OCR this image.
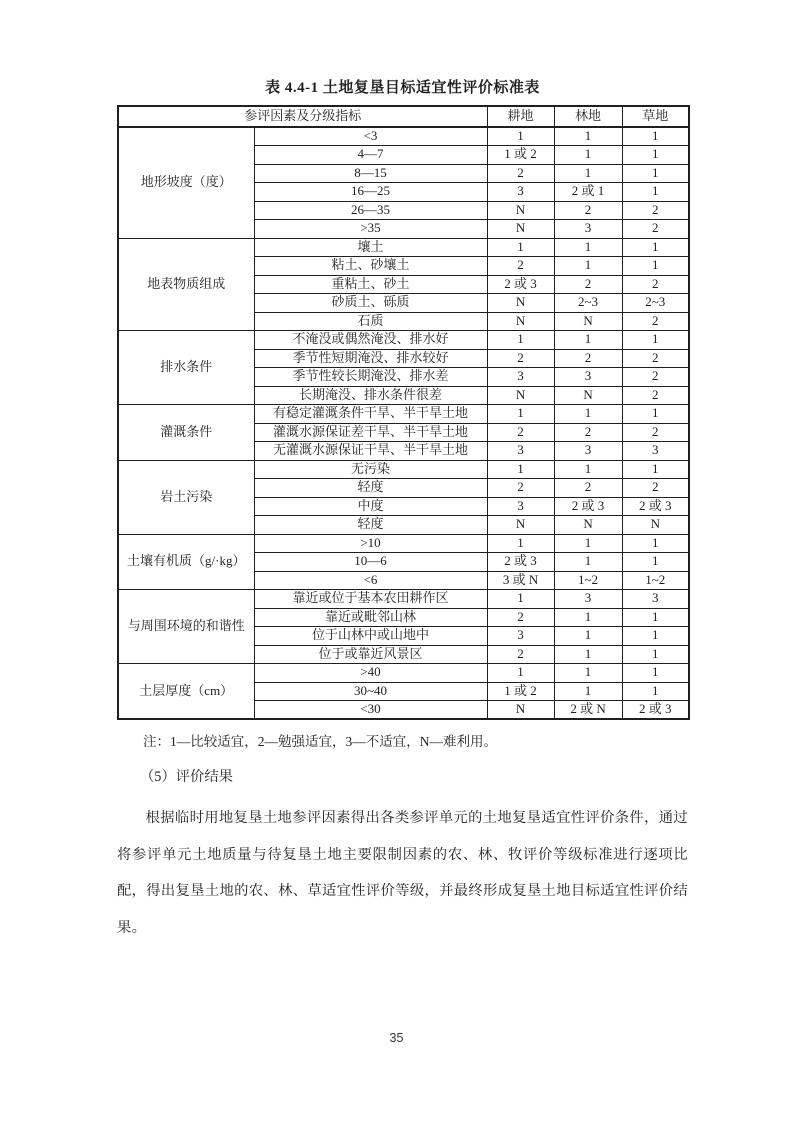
表 4.4-1 土地复垦目标适宜性评价标准表
参评因素及分级指标		耕地	林地	草地
地形坡度（度）	<3	1	1	1
	4—7	1 或 2	1	1
	8—15	2	1	1
	16—25	3	2 或 1	1
	26—35	N	2	2
	>35	N	3	2
地表物质组成	壤土	1	1	1
	粘土、砂壤土	2	1	1
	重粘土、砂土	2 或 3	2	2
	砂质土、砾质	N	2~3	2~3
	石质	N	N	2
排水条件	不淹没或偶然淹没、排水好	1	1	1
	季节性短期淹没、排水较好	2	2	2
	季节性较长期淹没、排水差	3	3	2
	长期淹没、排水条件很差	N	N	2
灌溉条件	有稳定灌溉条件干旱、半干旱土地	1	1	1
	灌溉水源保证差干旱、半干旱土地	2	2	2
	无灌溉水源保证干旱、半干旱土地	3	3	3
岩土污染	无污染	1	1	1
	轻度	2	2	2
	中度	3	2 或 3	2 或 3
	轻度	N	N	N
土壤有机质（g/·kg）	>10	1	1	1
	10—6	2 或 3	1	1
	<6	3 或 N	1~2	1~2
与周围环境的和谐性	靠近或位于基本农田耕作区	1	3	3
	靠近或毗邻山林	2	1	1
	位于山林中或山地中	3	1	1
	位于或靠近风景区	2	1	1
土层厚度（cm）	>40	1	1	1
	30~40	1 或 2	1	1
	<30	N	2 或 N	2 或 3
注：1—比较适宜，2—勉强适宜，3—不适宜，N—难利用。
（5）评价结果
根据临时用地复垦土地参评因素得出各类参评单元的土地复垦适宜性评价条件，通过将参评单元土地质量与待复垦土地主要限制因素的农、林、牧评价等级标准进行逐项比配，得出复垦土地的农、林、草适宜性评价等级，并最终形成复垦土地目标适宜性评价结果。
35
